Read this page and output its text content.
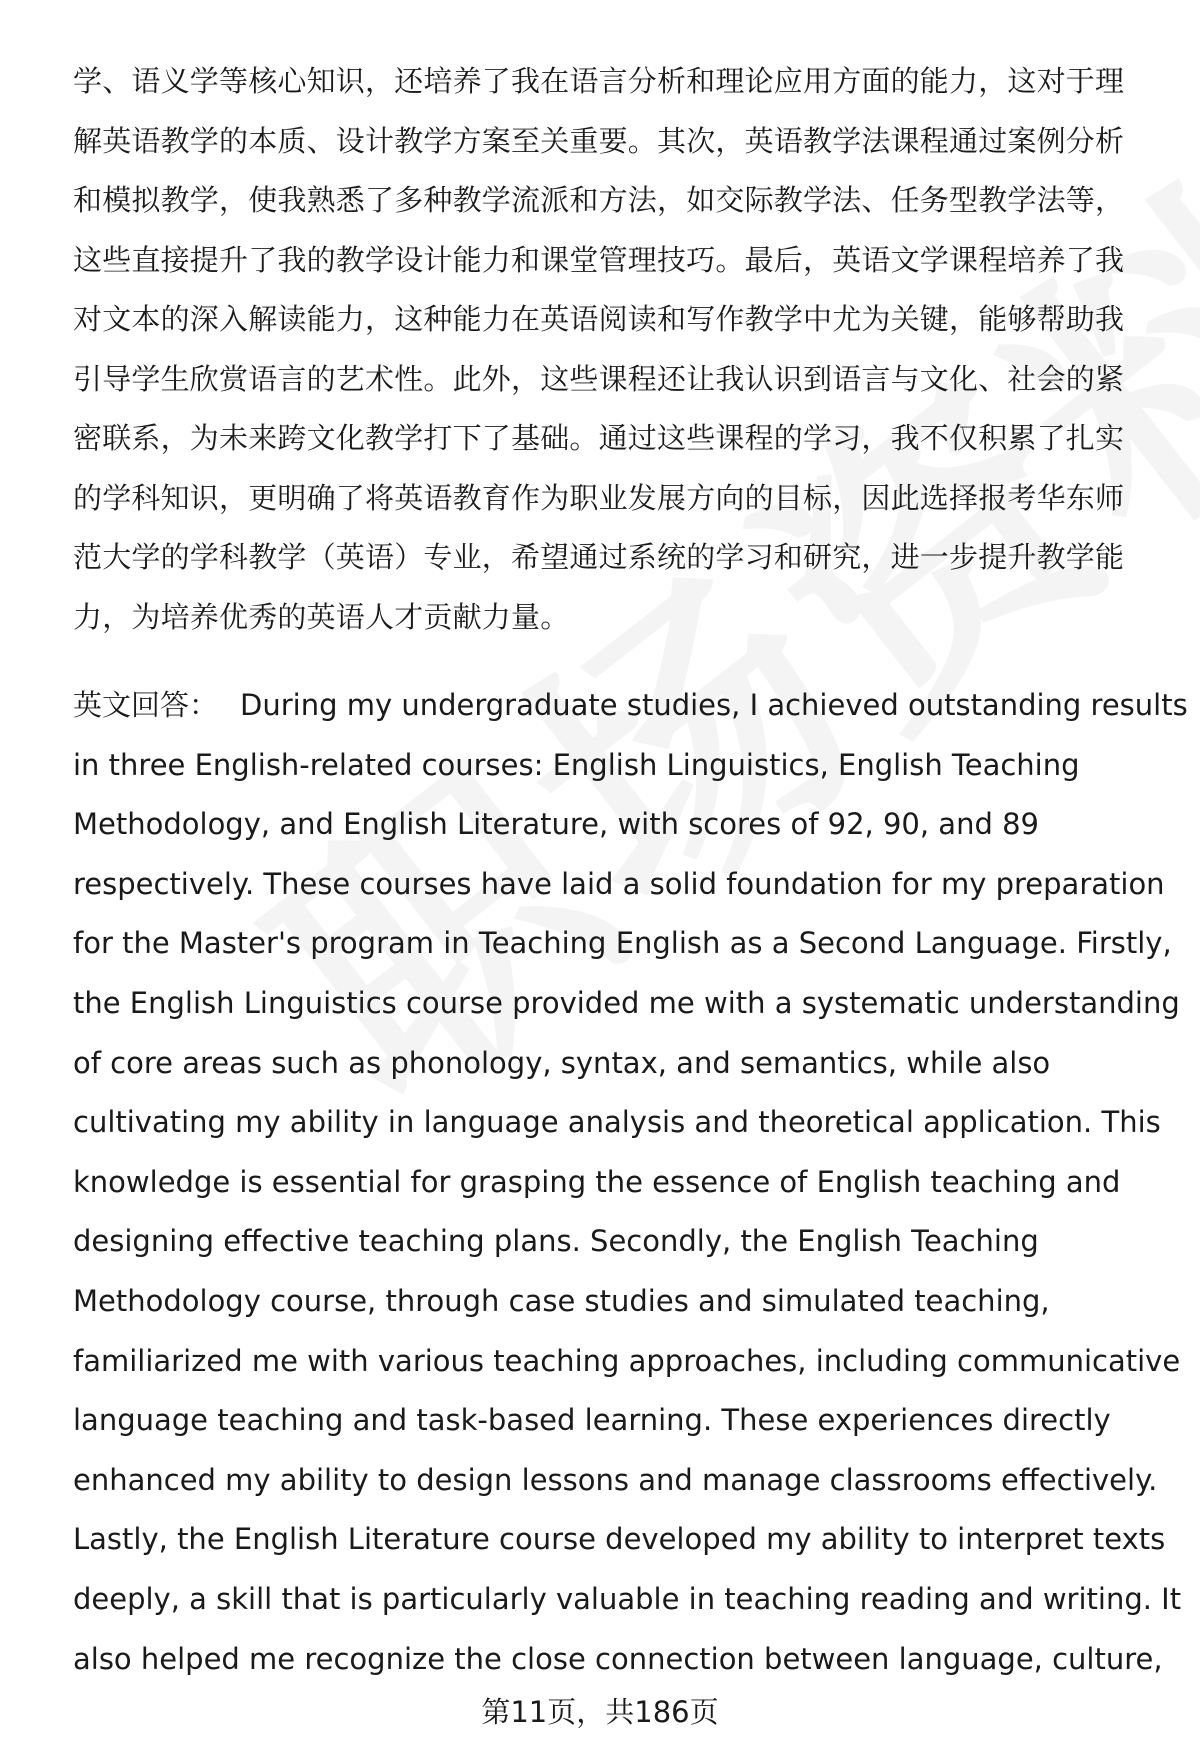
学、语义学等核心知识，还培养了我在语言分析和理论应用方面的能力，这对于理
解英语教学的本质、设计教学方案至关重要。其次，英语教学法课程通过案例分析
和模拟教学，使我熟悉了多种教学流派和方法，如交际教学法、任务型教学法等，
这些直接提升了我的教学设计能力和课堂管理技巧。最后，英语文学课程培养了我
对文本的深入解读能力，这种能力在英语阅读和写作教学中尤为关键，能够帮助我
引导学生欣赏语言的艺术性。此外，这些课程还让我认识到语言与文化、社会的紧
密联系，为未来跨文化教学打下了基础。通过这些课程的学习，我不仅积累了扎实
的学科知识，更明确了将英语教育作为职业发展方向的目标，因此选择报考华东师
范大学的学科教学（英语）专业，希望通过系统的学习和研究，进一步提升教学能
力，为培养优秀的英语人才贡献力量。
英文回答： During my undergraduate studies, I achieved outstanding results
in three English-related courses: English Linguistics, English Teaching
Methodology, and English Literature, with scores of 92, 90, and 89
respectively. These courses have laid a solid foundation for my preparation
for the Master's program in Teaching English as a Second Language. Firstly,
the English Linguistics course provided me with a systematic understanding
of core areas such as phonology, syntax, and semantics, while also
cultivating my ability in language analysis and theoretical application. This
knowledge is essential for grasping the essence of English teaching and
designing effective teaching plans. Secondly, the English Teaching
Methodology course, through case studies and simulated teaching,
familiarized me with various teaching approaches, including communicative
language teaching and task-based learning. These experiences directly
enhanced my ability to design lessons and manage classrooms effectively.
Lastly, the English Literature course developed my ability to interpret texts
deeply, a skill that is particularly valuable in teaching reading and writing. It
also helped me recognize the close connection between language, culture,
第11页，共186页
